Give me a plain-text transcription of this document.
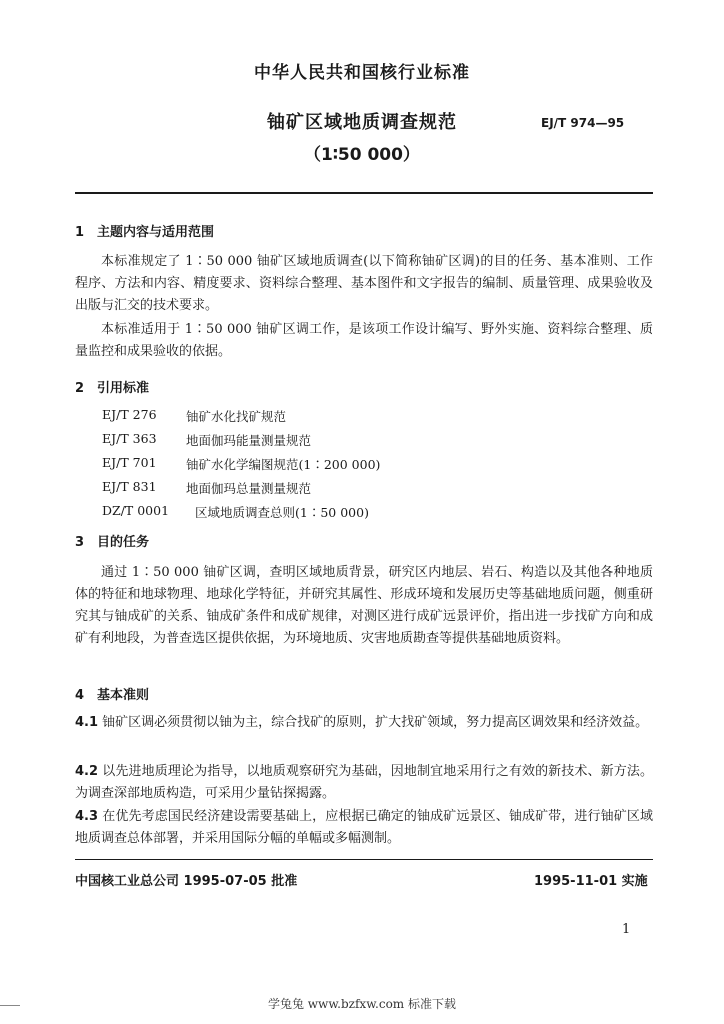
中华人民共和国核行业标准
铀矿区域地质调查规范
（1∶50 000）
EJ/T 974—95
1　主题内容与适用范围
本标准规定了 1∶50 000 铀矿区域地质调查(以下简称铀矿区调)的目的任务、基本准则、工作程序、方法和内容、精度要求、资料综合整理、基本图件和文字报告的编制、质量管理、成果验收及出版与汇交的技术要求。
本标准适用于 1∶50 000 铀矿区调工作，是该项工作设计编写、野外实施、资料综合整理、质量监控和成果验收的依据。
2　引用标准
EJ/T 276 铀矿水化找矿规范
EJ/T 363 地面伽玛能量测量规范
EJ/T 701 铀矿水化学编图规范(1∶200 000)
EJ/T 831 地面伽玛总量测量规范
DZ/T 0001 区域地质调查总则(1∶50 000)
3　目的任务
通过 1∶50 000 铀矿区调，查明区域地质背景，研究区内地层、岩石、构造以及其他各种地质体的特征和地球物理、地球化学特征，并研究其属性、形成环境和发展历史等基础地质问题，侧重研究其与铀成矿的关系、铀成矿条件和成矿规律，对测区进行成矿远景评价，指出进一步找矿方向和成矿有利地段，为普查选区提供依据，为环境地质、灾害地质勘查等提供基础地质资料。
4　基本准则
4.1 铀矿区调必须贯彻以铀为主，综合找矿的原则，扩大找矿领域，努力提高区调效果和经济效益。
4.2 以先进地质理论为指导，以地质观察研究为基础，因地制宜地采用行之有效的新技术、新方法。为调查深部地质构造，可采用少量钻探揭露。
4.3 在优先考虑国民经济建设需要基础上，应根据已确定的铀成矿远景区、铀成矿带，进行铀矿区域地质调查总体部署，并采用国际分幅的单幅或多幅测制。
中国核工业总公司 1995-07-05 批准	1995-11-01 实施
1
学兔兔 www.bzfxw.com 标准下载
